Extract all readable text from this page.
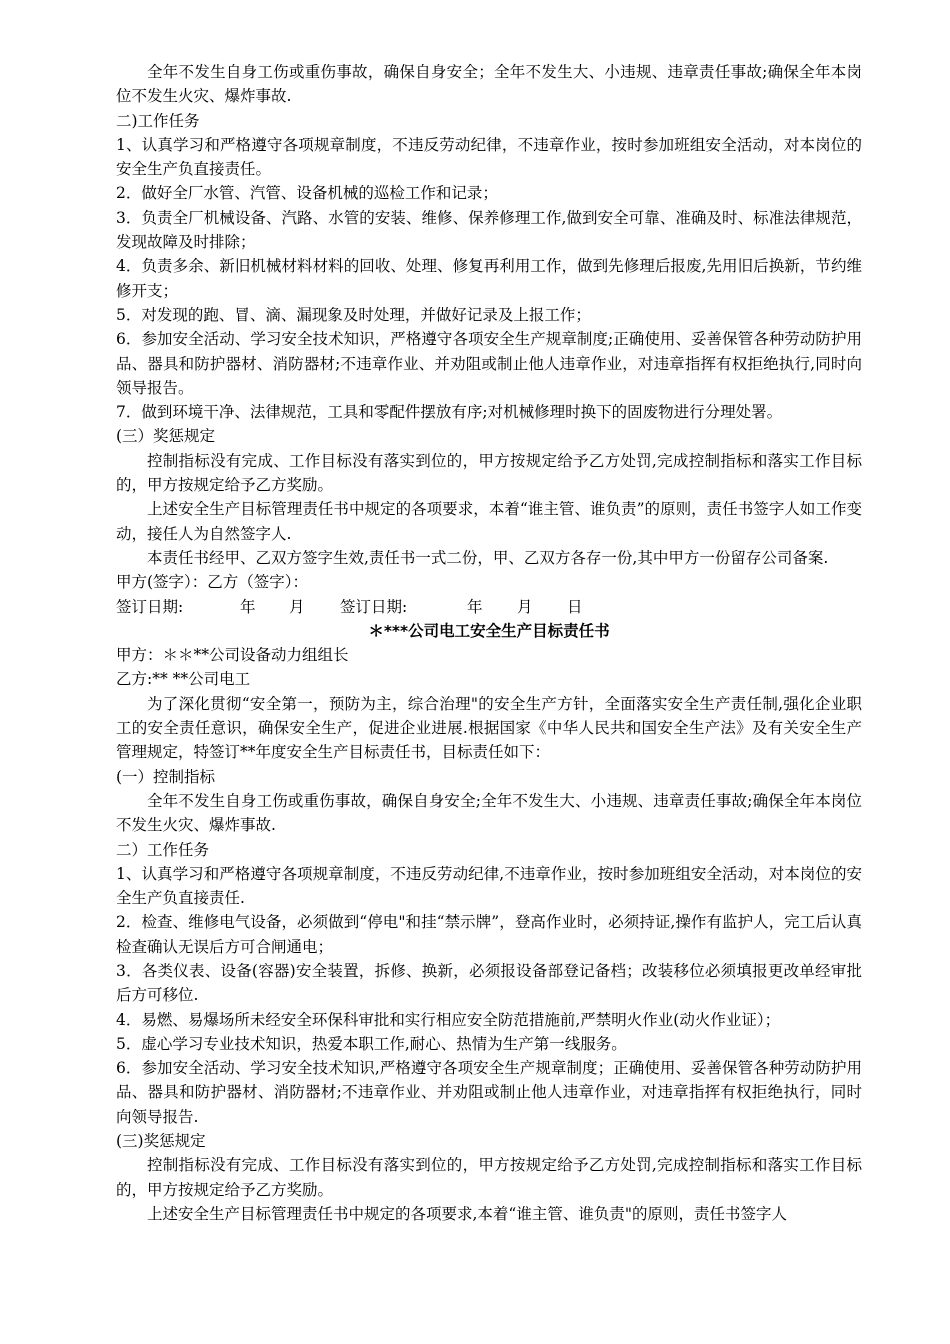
全年不发生自身工伤或重伤事故，确保自身安全；全年不发生大、小违规、违章责任事故;确保全年本岗位不发生火灾、爆炸事故.

二)工作任务

1、认真学习和严格遵守各项规章制度，不违反劳动纪律，不违章作业，按时参加班组安全活动，对本岗位的安全生产负直接责任。

2．做好全厂水管、汽管、设备机械的巡检工作和记录；

3．负责全厂机械设备、汽路、水管的安装、维修、保养修理工作,做到安全可靠、准确及时、标准法律规范，发现故障及时排除；

4．负责多余、新旧机械材料材料的回收、处理、修复再利用工作，做到先修理后报废,先用旧后换新，节约维修开支；

5．对发现的跑、冒、滴、漏现象及时处理，并做好记录及上报工作；

6．参加安全活动、学习安全技术知识，严格遵守各项安全生产规章制度;正确使用、妥善保管各种劳动防护用品、器具和防护器材、消防器材;不违章作业、并劝阻或制止他人违章作业，对违章指挥有权拒绝执行,同时向领导报告。

7．做到环境干净、法律规范，工具和零配件摆放有序;对机械修理时换下的固废物进行分理处署。

(三）奖惩规定

控制指标没有完成、工作目标没有落实到位的，甲方按规定给予乙方处罚,完成控制指标和落实工作目标的，甲方按规定给予乙方奖励。

上述安全生产目标管理责任书中规定的各项要求，本着“谁主管、谁负责”的原则，责任书签字人如工作变动，接任人为自然签字人.

本责任书经甲、乙双方签字生效,责任书一式二份，甲、乙双方各存一份,其中甲方一份留存公司备案.

甲方(签字）：乙方（签字）：

签订日期:	年 月 签订日期:	年 月 日

＊***公司电工安全生产目标责任书

甲方：＊＊**公司设备动力组组长

乙方:** **公司电工

为了深化贯彻“安全第一，预防为主，综合治理"的安全生产方针，全面落实安全生产责任制,强化企业职工的安全责任意识，确保安全生产，促进企业进展.根据国家《中华人民共和国安全生产法》及有关安全生产管理规定，特签订**年度安全生产目标责任书，目标责任如下：

(一）控制指标

全年不发生自身工伤或重伤事故，确保自身安全;全年不发生大、小违规、违章责任事故;确保全年本岗位不发生火灾、爆炸事故.

二）工作任务

1、认真学习和严格遵守各项规章制度，不违反劳动纪律,不违章作业，按时参加班组安全活动，对本岗位的安全生产负直接责任.

2．检查、维修电气设备，必须做到“停电"和挂“禁示牌”，登高作业时，必须持证,操作有监护人，完工后认真检查确认无误后方可合闸通电；

3．各类仪表、设备(容器)安全装置，拆修、换新，必须报设备部登记备档；改装移位必须填报更改单经审批后方可移位.

4．易燃、易爆场所未经安全环保科审批和实行相应安全防范措施前,严禁明火作业(动火作业证）；

5．虚心学习专业技术知识，热爱本职工作,耐心、热情为生产第一线服务。

6．参加安全活动、学习安全技术知识,严格遵守各项安全生产规章制度；正确使用、妥善保管各种劳动防护用品、器具和防护器材、消防器材;不违章作业、并劝阻或制止他人违章作业，对违章指挥有权拒绝执行，同时向领导报告.

(三)奖惩规定

控制指标没有完成、工作目标没有落实到位的，甲方按规定给予乙方处罚,完成控制指标和落实工作目标的，甲方按规定给予乙方奖励。

上述安全生产目标管理责任书中规定的各项要求,本着“谁主管、谁负责"的原则，责任书签字人
